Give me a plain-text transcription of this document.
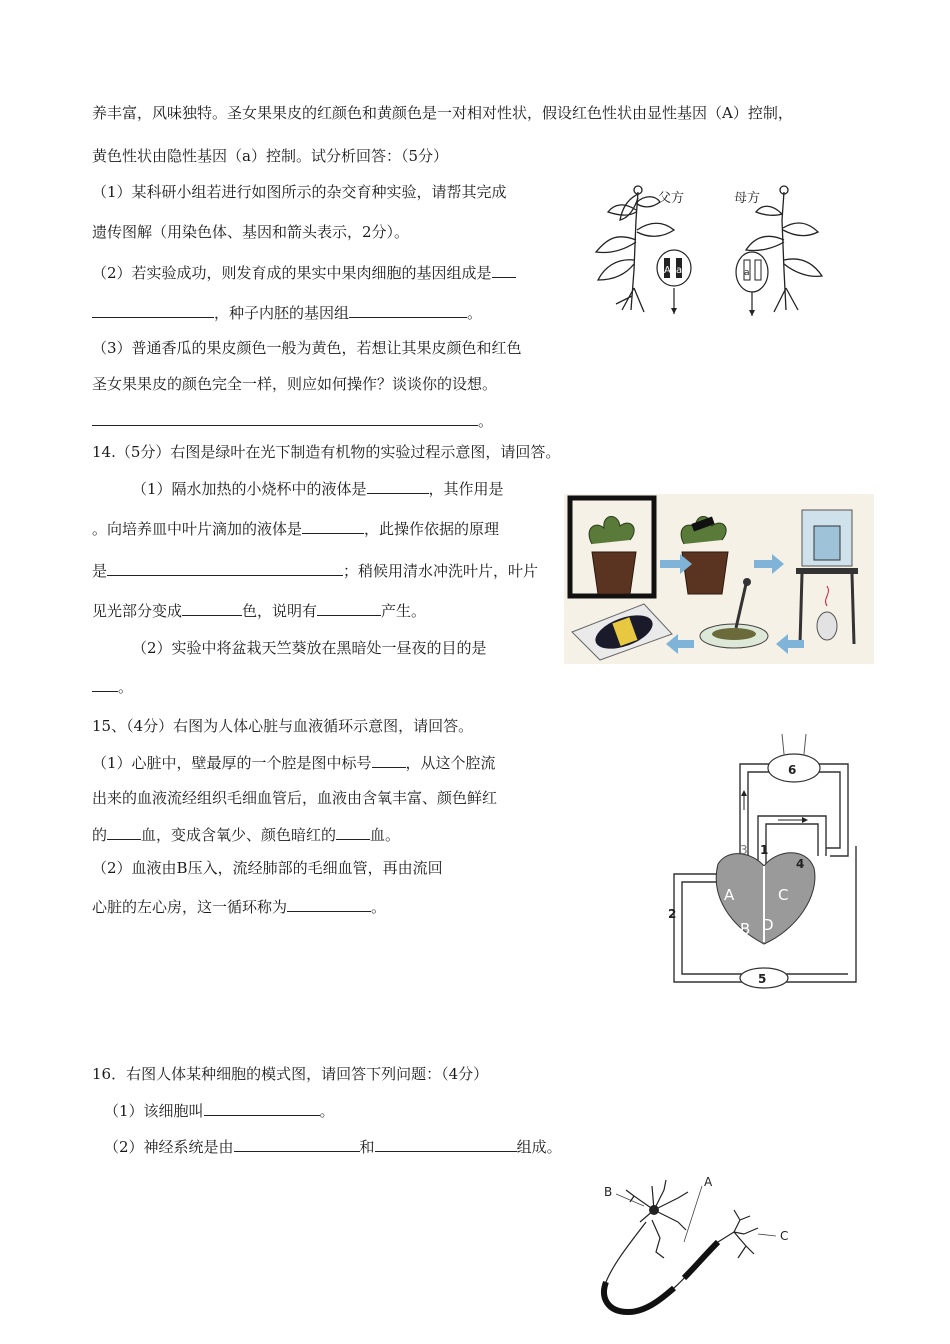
养丰富，风味独特。圣女果果皮的红颜色和黄颜色是一对相对性状，假设红色性状由显性基因（A）控制，
黄色性状由隐性基因（a）控制。试分析回答：（5分）
（1）某科研小组若进行如图所示的杂交育种实验，请帮其完成
遗传图解（用染色体、基因和箭头表示，2分）。
（2）若实验成功，则发育成的果实中果肉细胞的基因组成是
，种子内胚的基因组	。
（3）普通香瓜的果皮颜色一般为黄色，若想让其果皮颜色和红色
圣女果果皮的颜色完全一样，则应如何操作？谈谈你的设想。
。
A a
父方
a
母方
14.（5分）右图是绿叶在光下制造有机物的实验过程示意图，请回答。
（1）隔水加热的小烧杯中的液体是	，其作用是
。向培养皿中叶片滴加的液体是	，此操作依据的原理
是	；稍候用清水冲洗叶片，叶片
见光部分变成	色，说明有	产生。
（2）实验中将盆栽天竺葵放在黑暗处一昼夜的目的是
。
15、（4分）右图为人体心脏与血液循环示意图，请回答。
（1）心脏中，壁最厚的一个腔是图中标号 ，从这个腔流
出来的血液流经组织毛细血管后，血液由含氧丰富、颜色鲜红
的 血，变成含氧少、颜色暗红的 血。
（2）血液由B压入，流经肺部的毛细血管，再由流回
心脏的左心房，这一循环称为	。
6
5
A
B
C
D
1
2
3
4
16．右图人体某种细胞的模式图，请回答下列问题：（4分）
（1）该细胞叫	。
（2）神经系统是由	和	组成。
B
A
C
